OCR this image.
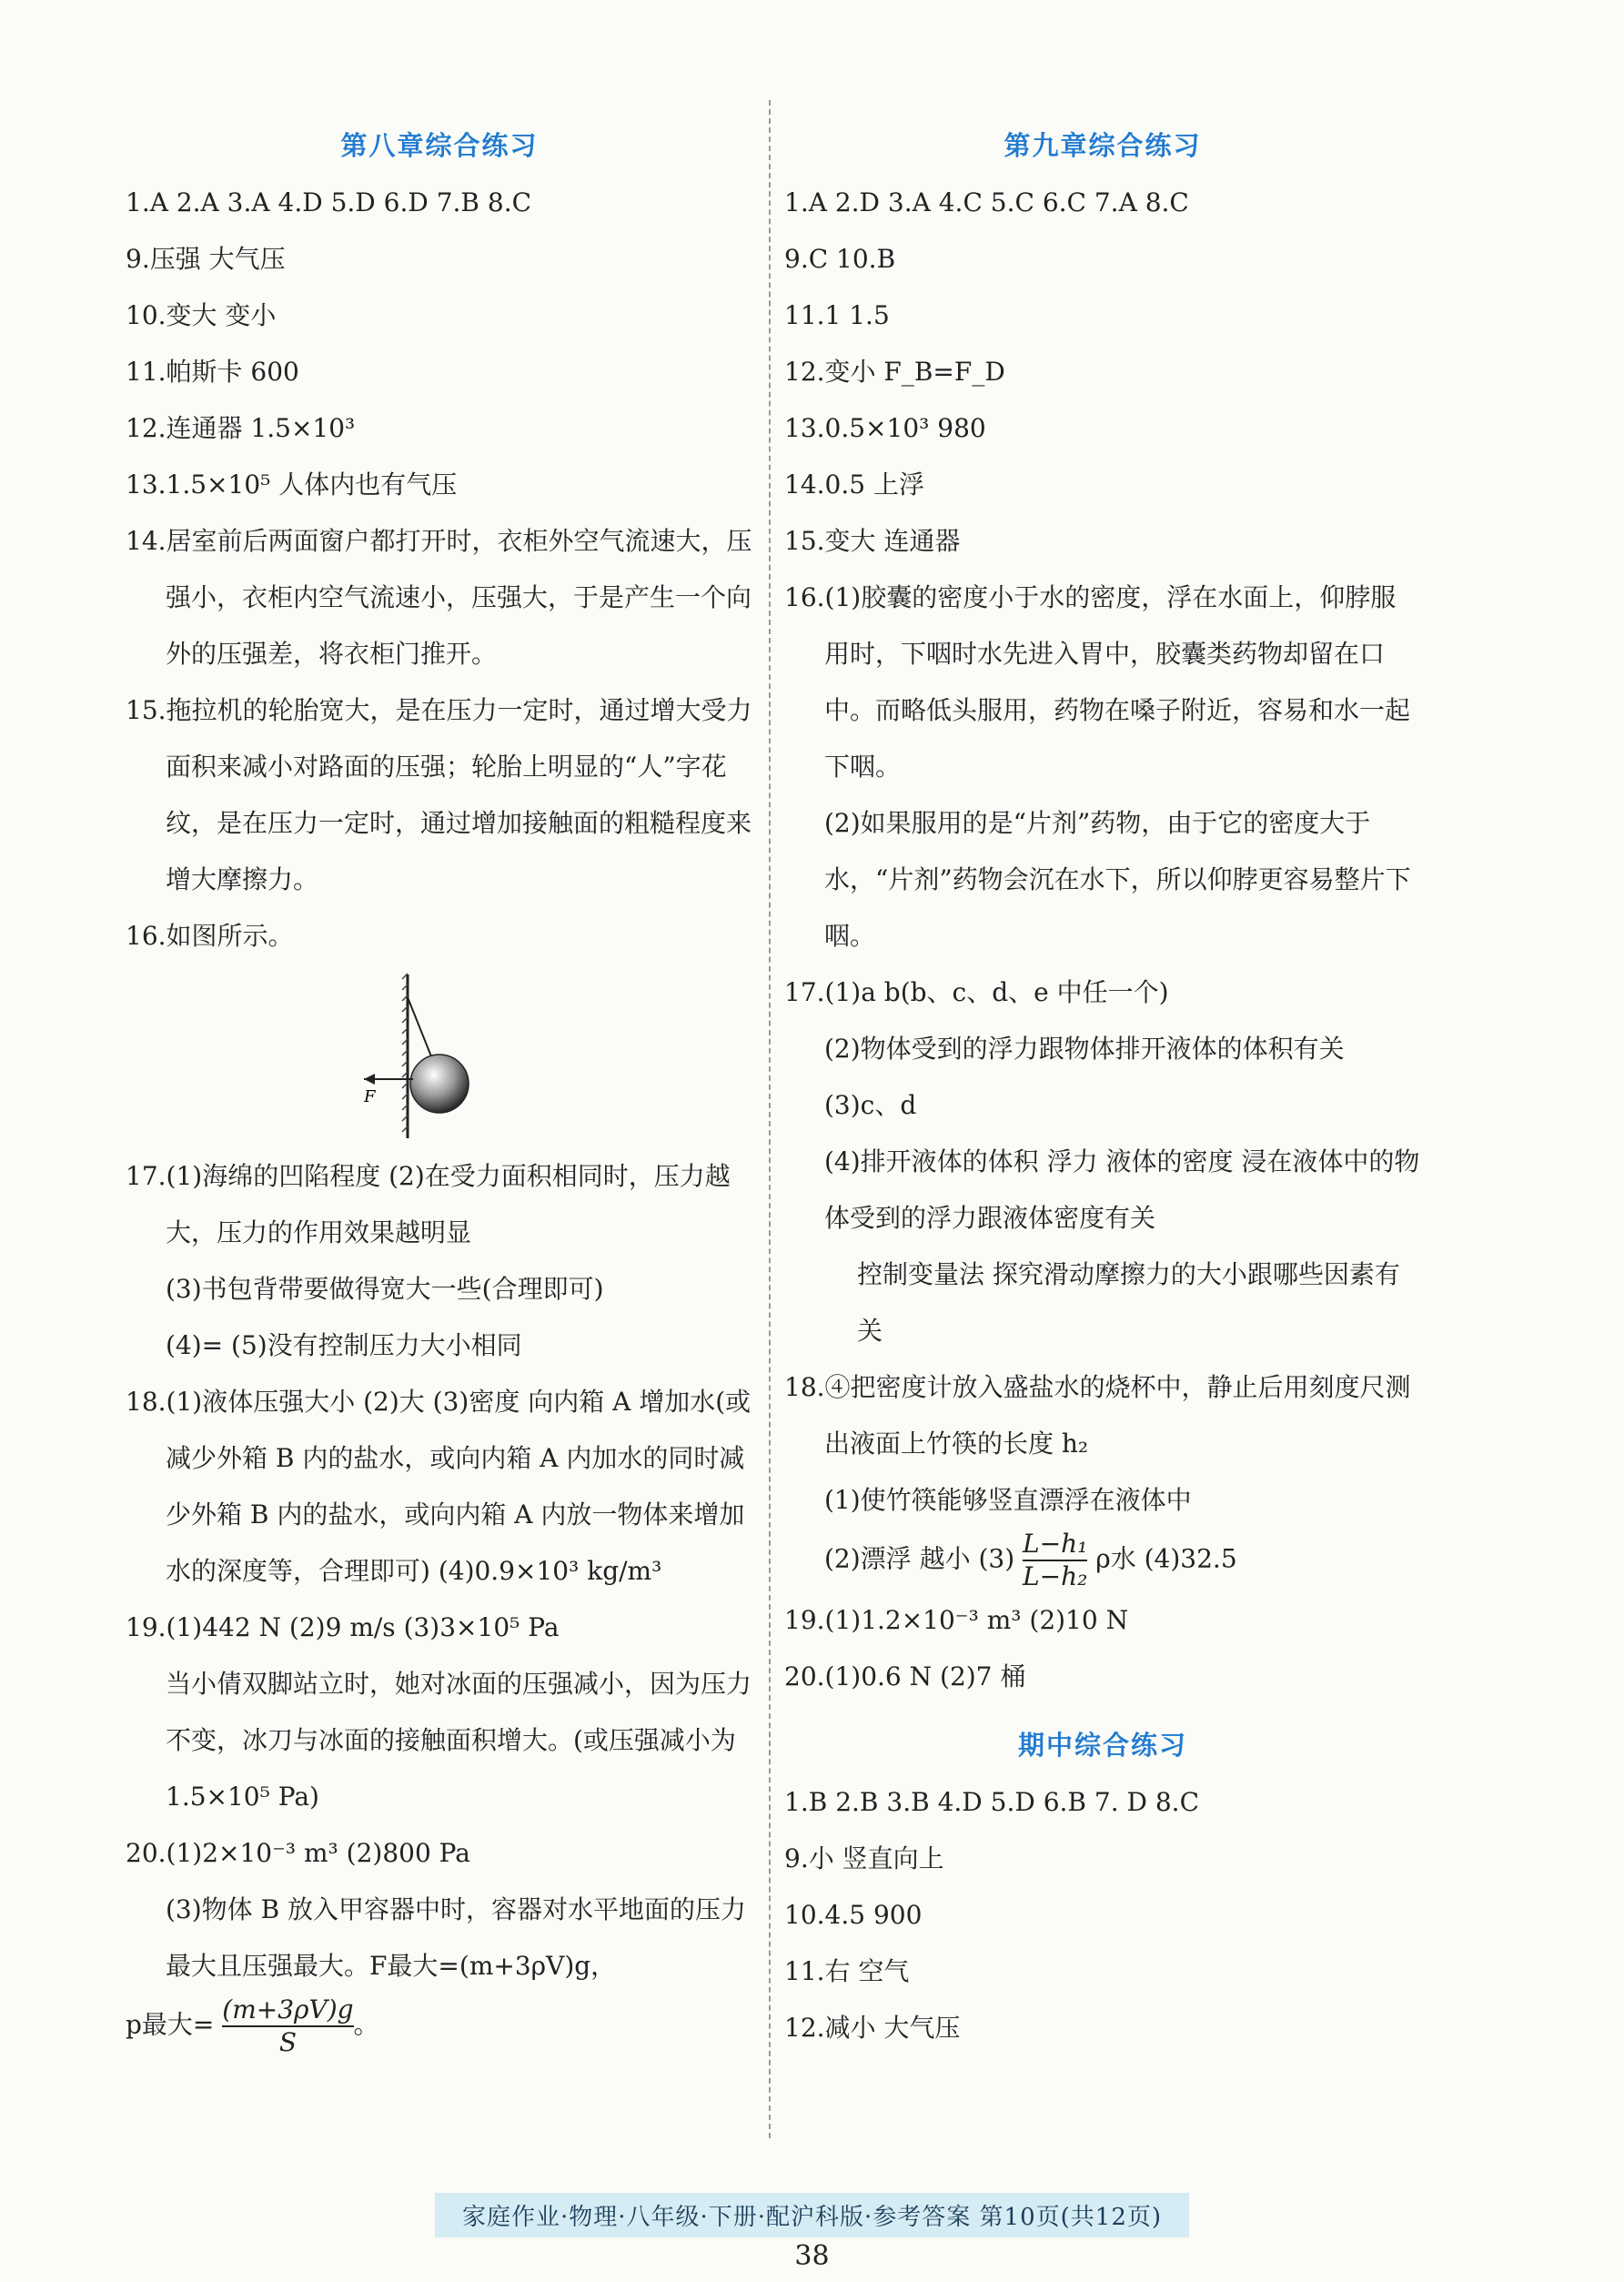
第八章综合练习

1.A 2.A 3.A 4.D 5.D 6.D 7.B 8.C

9.压强 大气压

10.变大 变小

11.帕斯卡 600

12.连通器 1.5×10³

13.1.5×10⁵ 人体内也有气压

14.居室前后两面窗户都打开时，衣柜外空气流速大，压强小，衣柜内空气流速小，压强大，于是产生一个向外的压强差，将衣柜门推开。

15.拖拉机的轮胎宽大，是在压力一定时，通过增大受力面积来减小对路面的压强；轮胎上明显的“人”字花纹，是在压力一定时，通过增加接触面的粗糙程度来增大摩擦力。

16.如图所示。

F

17.(1)海绵的凹陷程度 (2)在受力面积相同时，压力越大，压力的作用效果越明显

(3)书包背带要做得宽大一些(合理即可)

(4)= (5)没有控制压力大小相同

18.(1)液体压强大小 (2)大 (3)密度 向内箱 A 增加水(或减少外箱 B 内的盐水，或向内箱 A 内加水的同时减少外箱 B 内的盐水，或向内箱 A 内放一物体来增加水的深度等，合理即可) (4)0.9×10³ kg/m³

19.(1)442 N (2)9 m/s (3)3×10⁵ Pa

当小倩双脚站立时，她对冰面的压强减小，因为压力不变，冰刀与冰面的接触面积增大。(或压强减小为 1.5×10⁵ Pa)

20.(1)2×10⁻³ m³ (2)800 Pa

(3)物体 B 放入甲容器中时，容器对水平地面的压力最大且压强最大。F最大=(m+3ρV)g，

p最大= $\frac{(m+3\rho V)g}{S}$ 。

第九章综合练习

1.A 2.D 3.A 4.C 5.C 6.C 7.A 8.C

9.C 10.B

11.1 1.5

12.变小 F_B=F_D

13.0.5×10³ 980

14.0.5 上浮

15.变大 连通器

16.(1)胶囊的密度小于水的密度，浮在水面上，仰脖服用时，下咽时水先进入胃中，胶囊类药物却留在口中。而略低头服用，药物在嗓子附近，容易和水一起下咽。

(2)如果服用的是“片剂”药物，由于它的密度大于水，“片剂”药物会沉在水下，所以仰脖更容易整片下咽。

17.(1)a b(b、c、d、e 中任一个)

(2)物体受到的浮力跟物体排开液体的体积有关 (3)c、d

(4)排开液体的体积 浮力 液体的密度 浸在液体中的物体受到的浮力跟液体密度有关

控制变量法 探究滑动摩擦力的大小跟哪些因素有关

18.④把密度计放入盛盐水的烧杯中，静止后用刻度尺测出液面上竹筷的长度 h₂

(1)使竹筷能够竖直漂浮在液体中

(2)漂浮 越小 $(3) \frac{\text{L−h₁}}{\text{L−h₂}}$ ρ水 (4)32.5

19.(1)1.2×10⁻³ m³ (2)10 N

20.(1)0.6 N (2)7 桶

期中综合练习

1.B 2.B 3.B 4.D 5.D 6.B 7. D 8.C

9.小 竖直向上

10.4.5 900

11.右 空气

12.减小 大气压

家庭作业·物理·八年级·下册·配沪科版·参考答案 第10页(共12页)
38
